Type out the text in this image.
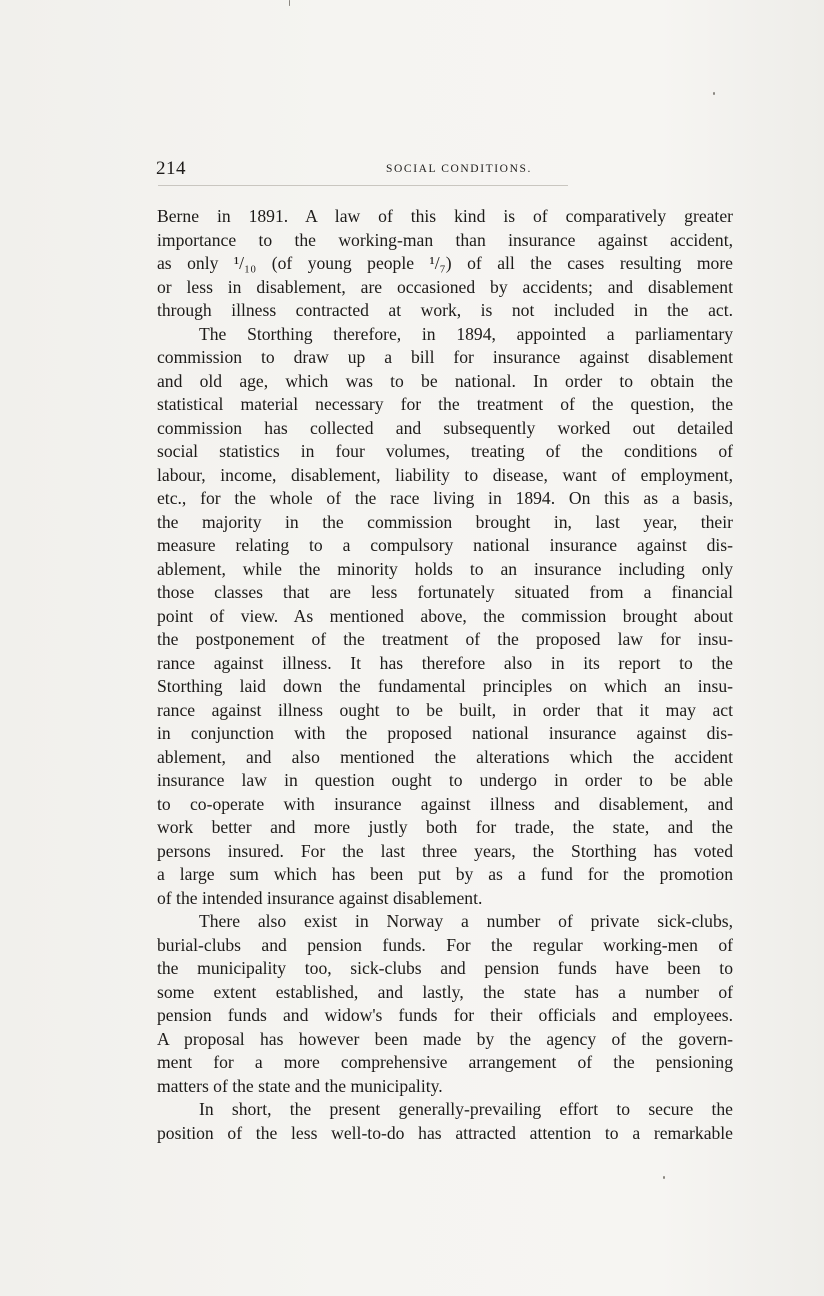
214	SOCIAL CONDITIONS.
Berne in 1891. A law of this kind is of comparatively greater
importance to the working-man than insurance against accident,
as only ¹/₁₀ (of young people ¹/₇) of all the cases resulting more
or less in disablement, are occasioned by accidents; and disablement
through illness contracted at work, is not included in the act.
The Storthing therefore, in 1894, appointed a parliamentary
commission to draw up a bill for insurance against disablement
and old age, which was to be national. In order to obtain the
statistical material necessary for the treatment of the question, the
commission has collected and subsequently worked out detailed
social statistics in four volumes, treating of the conditions of
labour, income, disablement, liability to disease, want of employment,
etc., for the whole of the race living in 1894. On this as a basis,
the majority in the commission brought in, last year, their
measure relating to a compulsory national insurance against dis-
ablement, while the minority holds to an insurance including only
those classes that are less fortunately situated from a financial
point of view. As mentioned above, the commission brought about
the postponement of the treatment of the proposed law for insu-
rance against illness. It has therefore also in its report to the
Storthing laid down the fundamental principles on which an insu-
rance against illness ought to be built, in order that it may act
in conjunction with the proposed national insurance against dis-
ablement, and also mentioned the alterations which the accident
insurance law in question ought to undergo in order to be able
to co-operate with insurance against illness and disablement, and
work better and more justly both for trade, the state, and the
persons insured. For the last three years, the Storthing has voted
a large sum which has been put by as a fund for the promotion
of the intended insurance against disablement.
There also exist in Norway a number of private sick-clubs,
burial-clubs and pension funds. For the regular working-men of
the municipality too, sick-clubs and pension funds have been to
some extent established, and lastly, the state has a number of
pension funds and widow's funds for their officials and employees.
A proposal has however been made by the agency of the govern-
ment for a more comprehensive arrangement of the pensioning
matters of the state and the municipality.
In short, the present generally-prevailing effort to secure the
position of the less well-to-do has attracted attention to a remarkable
